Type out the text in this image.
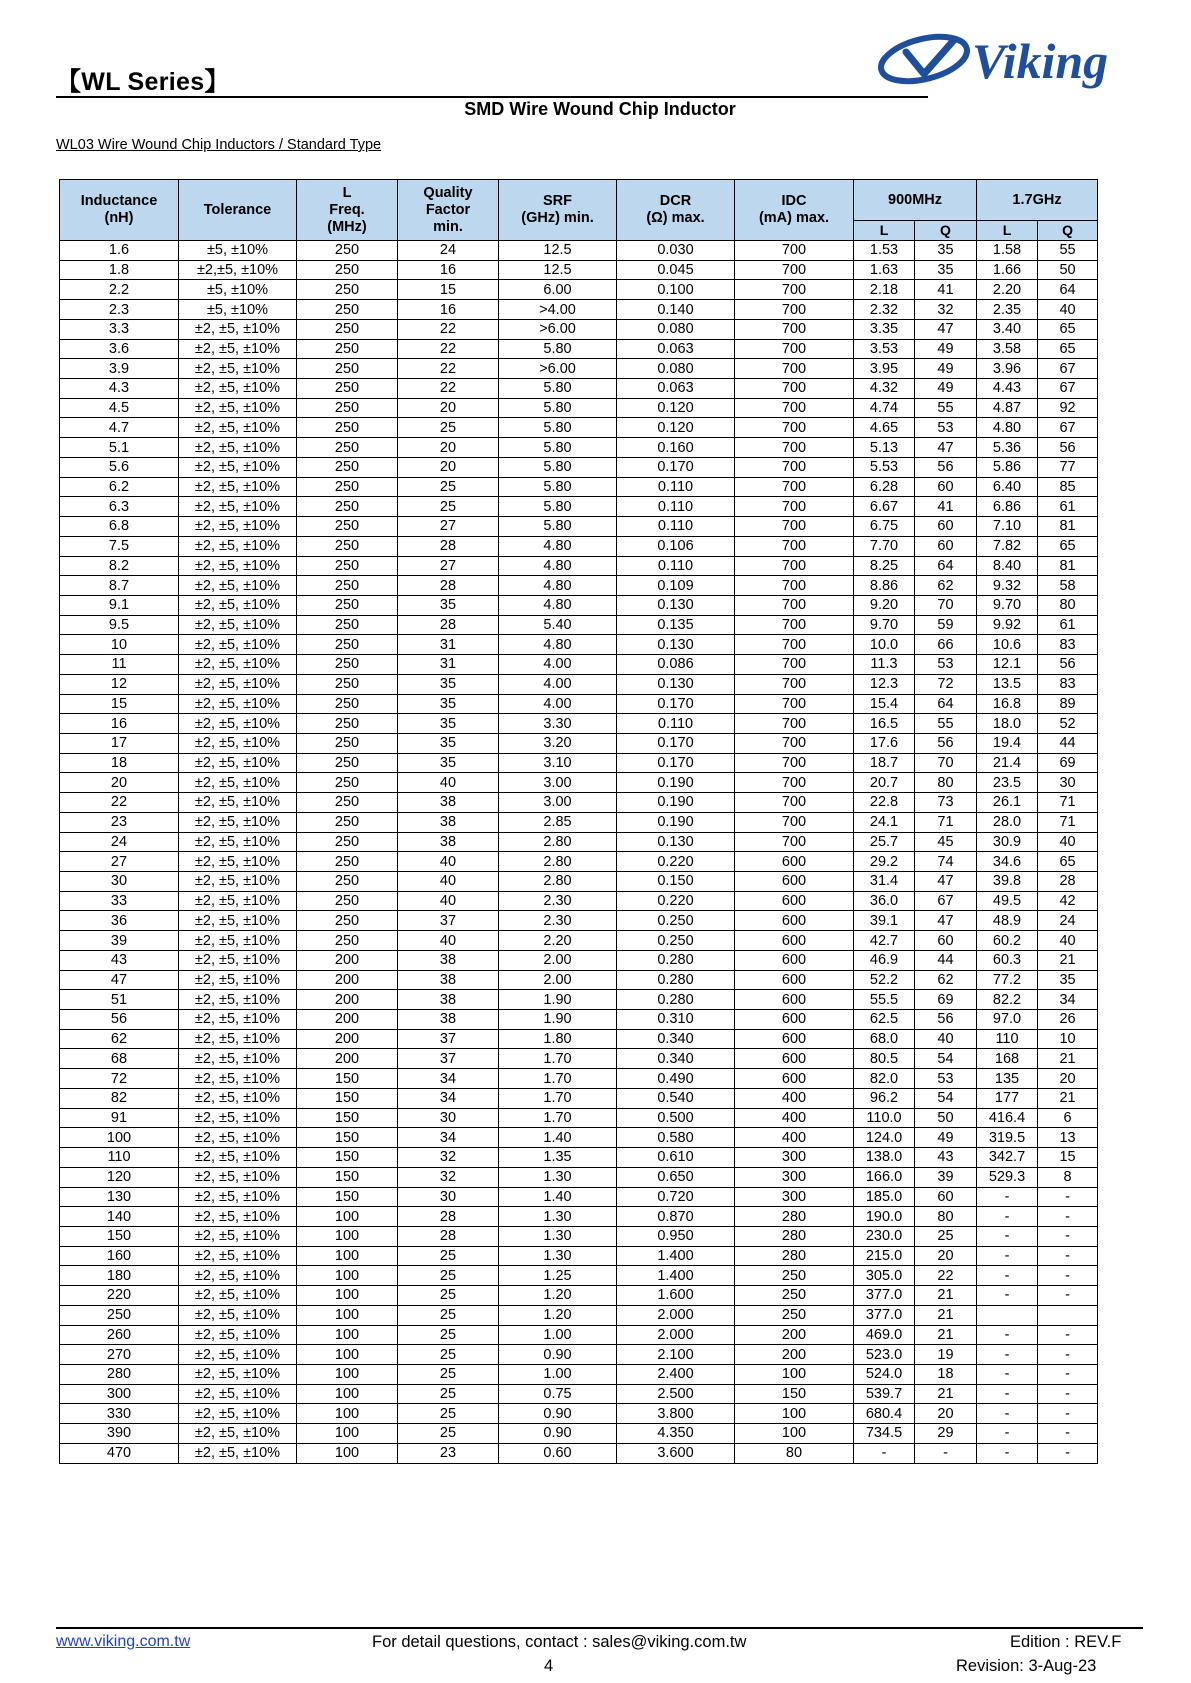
【WL Series】	Viking
SMD Wire Wound Chip Inductor
WL03 Wire Wound Chip Inductors / Standard Type
Inductance
(nH)	Tolerance	L
Freq.
(MHz)	Quality
Factor
min.	SRF
(GHz) min.	DCR
(Ω) max.	IDC
(mA) max.	900MHz		1.7GHz	
							L	Q	L	Q
1.6	±5, ±10%	250	24	12.5	0.030	700	1.53	35	1.58	55
1.8	±2,±5, ±10%	250	16	12.5	0.045	700	1.63	35	1.66	50
2.2	±5, ±10%	250	15	6.00	0.100	700	2.18	41	2.20	64
2.3	±5, ±10%	250	16	>4.00	0.140	700	2.32	32	2.35	40
3.3	±2, ±5, ±10%	250	22	>6.00	0.080	700	3.35	47	3.40	65
3.6	±2, ±5, ±10%	250	22	5.80	0.063	700	3.53	49	3.58	65
3.9	±2, ±5, ±10%	250	22	>6.00	0.080	700	3.95	49	3.96	67
4.3	±2, ±5, ±10%	250	22	5.80	0.063	700	4.32	49	4.43	67
4.5	±2, ±5, ±10%	250	20	5.80	0.120	700	4.74	55	4.87	92
4.7	±2, ±5, ±10%	250	25	5.80	0.120	700	4.65	53	4.80	67
5.1	±2, ±5, ±10%	250	20	5.80	0.160	700	5.13	47	5.36	56
5.6	±2, ±5, ±10%	250	20	5.80	0.170	700	5.53	56	5.86	77
6.2	±2, ±5, ±10%	250	25	5.80	0.110	700	6.28	60	6.40	85
6.3	±2, ±5, ±10%	250	25	5.80	0.110	700	6.67	41	6.86	61
6.8	±2, ±5, ±10%	250	27	5.80	0.110	700	6.75	60	7.10	81
7.5	±2, ±5, ±10%	250	28	4.80	0.106	700	7.70	60	7.82	65
8.2	±2, ±5, ±10%	250	27	4.80	0.110	700	8.25	64	8.40	81
8.7	±2, ±5, ±10%	250	28	4.80	0.109	700	8.86	62	9.32	58
9.1	±2, ±5, ±10%	250	35	4.80	0.130	700	9.20	70	9.70	80
9.5	±2, ±5, ±10%	250	28	5.40	0.135	700	9.70	59	9.92	61
10	±2, ±5, ±10%	250	31	4.80	0.130	700	10.0	66	10.6	83
11	±2, ±5, ±10%	250	31	4.00	0.086	700	11.3	53	12.1	56
12	±2, ±5, ±10%	250	35	4.00	0.130	700	12.3	72	13.5	83
15	±2, ±5, ±10%	250	35	4.00	0.170	700	15.4	64	16.8	89
16	±2, ±5, ±10%	250	35	3.30	0.110	700	16.5	55	18.0	52
17	±2, ±5, ±10%	250	35	3.20	0.170	700	17.6	56	19.4	44
18	±2, ±5, ±10%	250	35	3.10	0.170	700	18.7	70	21.4	69
20	±2, ±5, ±10%	250	40	3.00	0.190	700	20.7	80	23.5	30
22	±2, ±5, ±10%	250	38	3.00	0.190	700	22.8	73	26.1	71
23	±2, ±5, ±10%	250	38	2.85	0.190	700	24.1	71	28.0	71
24	±2, ±5, ±10%	250	38	2.80	0.130	700	25.7	45	30.9	40
27	±2, ±5, ±10%	250	40	2.80	0.220	600	29.2	74	34.6	65
30	±2, ±5, ±10%	250	40	2.80	0.150	600	31.4	47	39.8	28
33	±2, ±5, ±10%	250	40	2.30	0.220	600	36.0	67	49.5	42
36	±2, ±5, ±10%	250	37	2.30	0.250	600	39.1	47	48.9	24
39	±2, ±5, ±10%	250	40	2.20	0.250	600	42.7	60	60.2	40
43	±2, ±5, ±10%	200	38	2.00	0.280	600	46.9	44	60.3	21
47	±2, ±5, ±10%	200	38	2.00	0.280	600	52.2	62	77.2	35
51	±2, ±5, ±10%	200	38	1.90	0.280	600	55.5	69	82.2	34
56	±2, ±5, ±10%	200	38	1.90	0.310	600	62.5	56	97.0	26
62	±2, ±5, ±10%	200	37	1.80	0.340	600	68.0	40	110	10
68	±2, ±5, ±10%	200	37	1.70	0.340	600	80.5	54	168	21
72	±2, ±5, ±10%	150	34	1.70	0.490	600	82.0	53	135	20
82	±2, ±5, ±10%	150	34	1.70	0.540	400	96.2	54	177	21
91	±2, ±5, ±10%	150	30	1.70	0.500	400	110.0	50	416.4	6
100	±2, ±5, ±10%	150	34	1.40	0.580	400	124.0	49	319.5	13
110	±2, ±5, ±10%	150	32	1.35	0.610	300	138.0	43	342.7	15
120	±2, ±5, ±10%	150	32	1.30	0.650	300	166.0	39	529.3	8
130	±2, ±5, ±10%	150	30	1.40	0.720	300	185.0	60	-	-
140	±2, ±5, ±10%	100	28	1.30	0.870	280	190.0	80	-	-
150	±2, ±5, ±10%	100	28	1.30	0.950	280	230.0	25	-	-
160	±2, ±5, ±10%	100	25	1.30	1.400	280	215.0	20	-	-
180	±2, ±5, ±10%	100	25	1.25	1.400	250	305.0	22	-	-
220	±2, ±5, ±10%	100	25	1.20	1.600	250	377.0	21	-	-
250	±2, ±5, ±10%	100	25	1.20	2.000	250	377.0	21		
260	±2, ±5, ±10%	100	25	1.00	2.000	200	469.0	21	-	-
270	±2, ±5, ±10%	100	25	0.90	2.100	200	523.0	19	-	-
280	±2, ±5, ±10%	100	25	1.00	2.400	100	524.0	18	-	-
300	±2, ±5, ±10%	100	25	0.75	2.500	150	539.7	21	-	-
330	±2, ±5, ±10%	100	25	0.90	3.800	100	680.4	20	-	-
390	±2, ±5, ±10%	100	25	0.90	4.350	100	734.5	29	-	-
470	±2, ±5, ±10%	100	23	0.60	3.600	80	-	-	-	-
www.viking.com.tw	For detail questions, contact : sales@viking.com.tw	Edition : REV.F
4	Revision: 3-Aug-23
